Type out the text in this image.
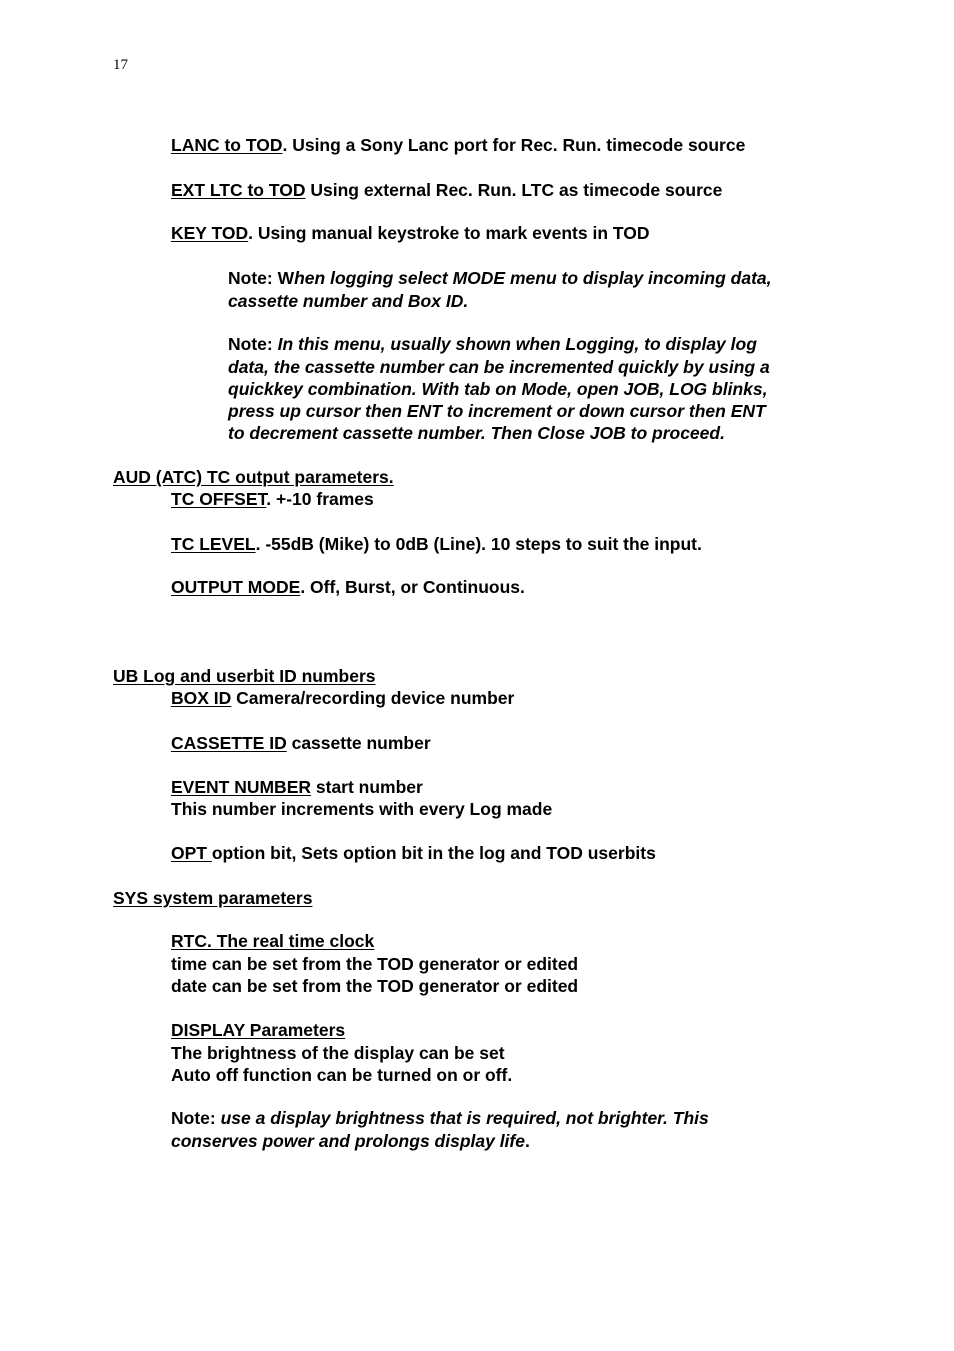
17
LANC to TOD. Using a Sony Lanc port for Rec. Run. timecode source
EXT LTC to TOD Using external Rec. Run. LTC as timecode source
KEY TOD. Using manual keystroke to mark events in TOD
Note: When logging select MODE menu to display incoming data,
cassette number and Box ID.
Note: In this menu, usually shown when Logging, to display log
data, the cassette number can be incremented quickly by using a
quickkey combination. With tab on Mode, open JOB, LOG blinks,
press up cursor then ENT to increment or down cursor then ENT
to decrement cassette number. Then Close JOB to proceed.
AUD (ATC) TC output parameters.
TC OFFSET. +-10 frames
TC LEVEL. -55dB (Mike) to 0dB (Line). 10 steps to suit the input.
OUTPUT MODE. Off, Burst, or Continuous.
UB Log and userbit ID numbers
BOX ID Camera/recording device number
CASSETTE ID cassette number
EVENT NUMBER start number
This number increments with every Log made
OPT option bit, Sets option bit in the log and TOD userbits
SYS system parameters
RTC. The real time clock
time can be set from the TOD generator or edited
date can be set from the TOD generator or edited
DISPLAY Parameters
The brightness of the display can be set
Auto off function can be turned on or off.
Note: use a display brightness that is required, not brighter. This
conserves power and prolongs display life.
